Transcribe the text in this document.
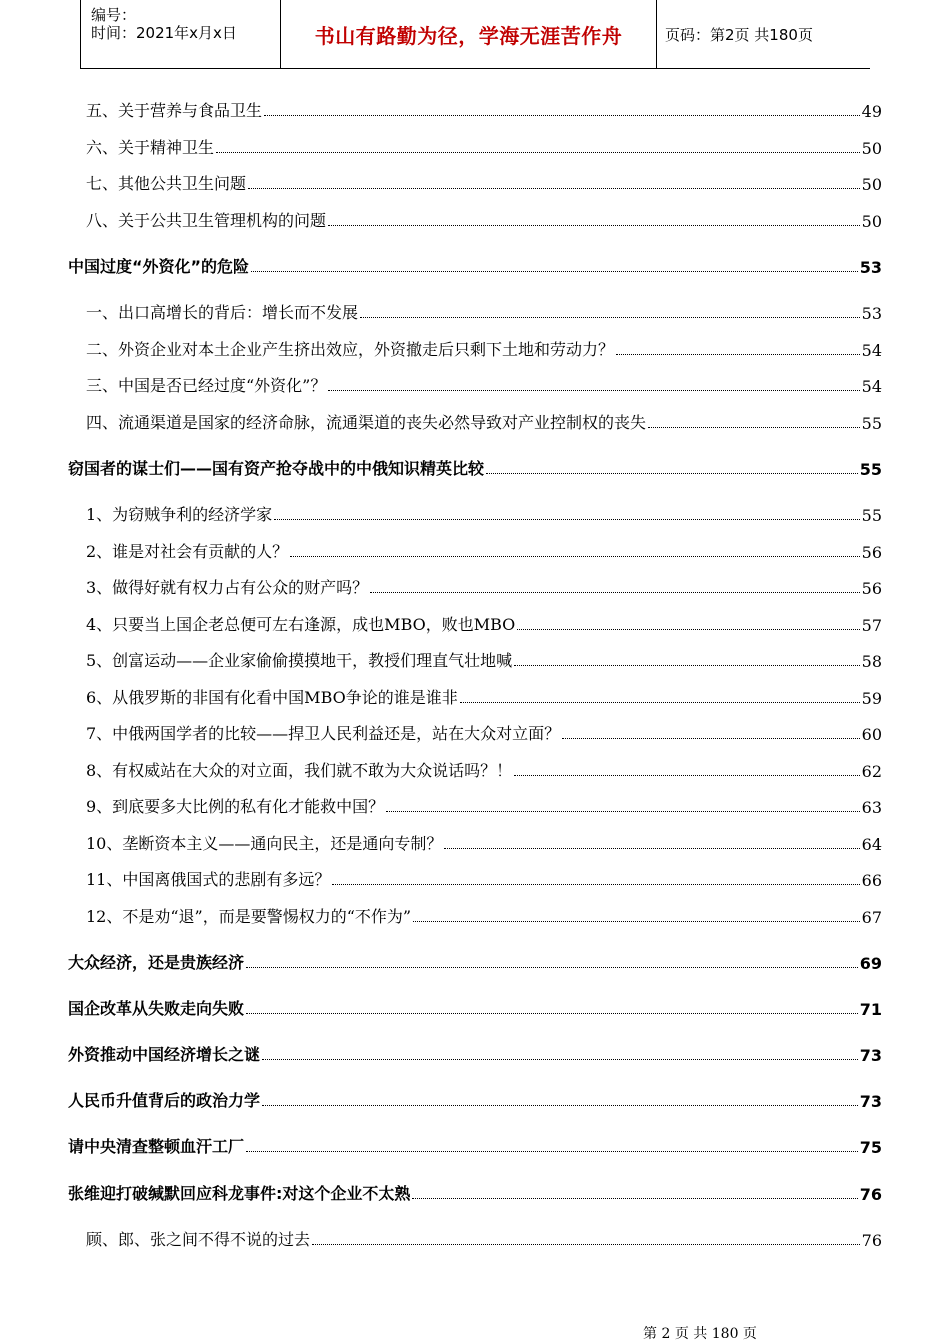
编号：
时间：2021年x月x日	书山有路勤为径，学海无涯苦作舟	页码：第2页 共180页
五、关于营养与食品卫生	49
六、关于精神卫生	50
七、其他公共卫生问题	50
八、关于公共卫生管理机构的问题	50
中国过度“外资化”的危险	53
一、出口高增长的背后：增长而不发展	53
二、外资企业对本土企业产生挤出效应，外资撤走后只剩下土地和劳动力？	54
三、中国是否已经过度“外资化”？	54
四、流通渠道是国家的经济命脉，流通渠道的丧失必然导致对产业控制权的丧失	55
窃国者的谋士们——国有资产抢夺战中的中俄知识精英比较	55
1、为窃贼争利的经济学家	55
2、谁是对社会有贡献的人？	56
3、做得好就有权力占有公众的财产吗？	56
4、只要当上国企老总便可左右逢源，成也MBO，败也MBO	57
5、创富运动——企业家偷偷摸摸地干，教授们理直气壮地喊	58
6、从俄罗斯的非国有化看中国MBO争论的谁是谁非	59
7、中俄两国学者的比较——捍卫人民利益还是，站在大众对立面？	60
8、有权威站在大众的对立面，我们就不敢为大众说话吗？！	62
9、到底要多大比例的私有化才能救中国？	63
10、垄断资本主义——通向民主，还是通向专制？	64
11、中国离俄国式的悲剧有多远？	66
12、不是劝“退”，而是要警惕权力的“不作为”	67
大众经济，还是贵族经济	69
国企改革从失败走向失败	71
外资推动中国经济增长之谜	73
人民币升值背后的政治力学	73
请中央清查整顿血汗工厂	75
张维迎打破缄默回应科龙事件:对这个企业不太熟	76
顾、郎、张之间不得不说的过去	76
第 2 页 共 180 页
